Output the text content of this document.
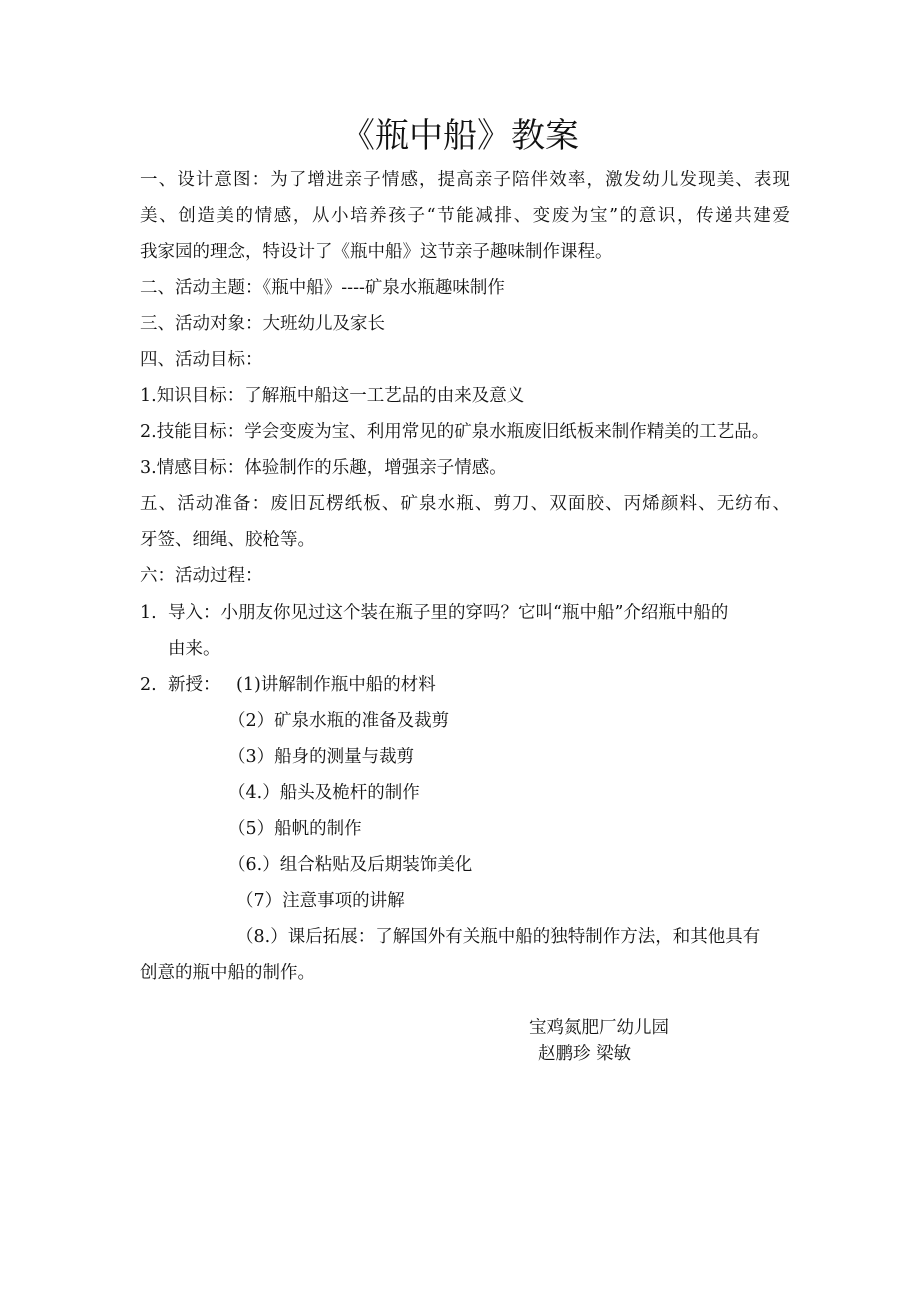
《瓶中船》教案
一、设计意图：为了增进亲子情感，提高亲子陪伴效率，激发幼儿发现美、表现
美、创造美的情感，从小培养孩子“节能减排、变废为宝”的意识，传递共建爱
我家园的理念，特设计了《瓶中船》这节亲子趣味制作课程。
二、活动主题：《瓶中船》----矿泉水瓶趣味制作
三、活动对象：大班幼儿及家长
四、活动目标：
1.知识目标：了解瓶中船这一工艺品的由来及意义
2.技能目标：学会变废为宝、利用常见的矿泉水瓶废旧纸板来制作精美的工艺品。
3.情感目标：体验制作的乐趣，增强亲子情感。
五、活动准备：废旧瓦楞纸板、矿泉水瓶、剪刀、双面胶、丙烯颜料、无纺布、
牙签、细绳、胶枪等。
六：活动过程：
1. 导入：小朋友你见过这个装在瓶子里的穿吗？它叫“瓶中船”介绍瓶中船的
由来。
2. 新授： (1)讲解制作瓶中船的材料
（2）矿泉水瓶的准备及裁剪
（3）船身的测量与裁剪
（4.）船头及桅杆的制作
（5）船帆的制作
（6.）组合粘贴及后期装饰美化
（7）注意事项的讲解
（8.）课后拓展：了解国外有关瓶中船的独特制作方法，和其他具有
创意的瓶中船的制作。
宝鸡氮肥厂幼儿园
赵鹏珍 梁敏
